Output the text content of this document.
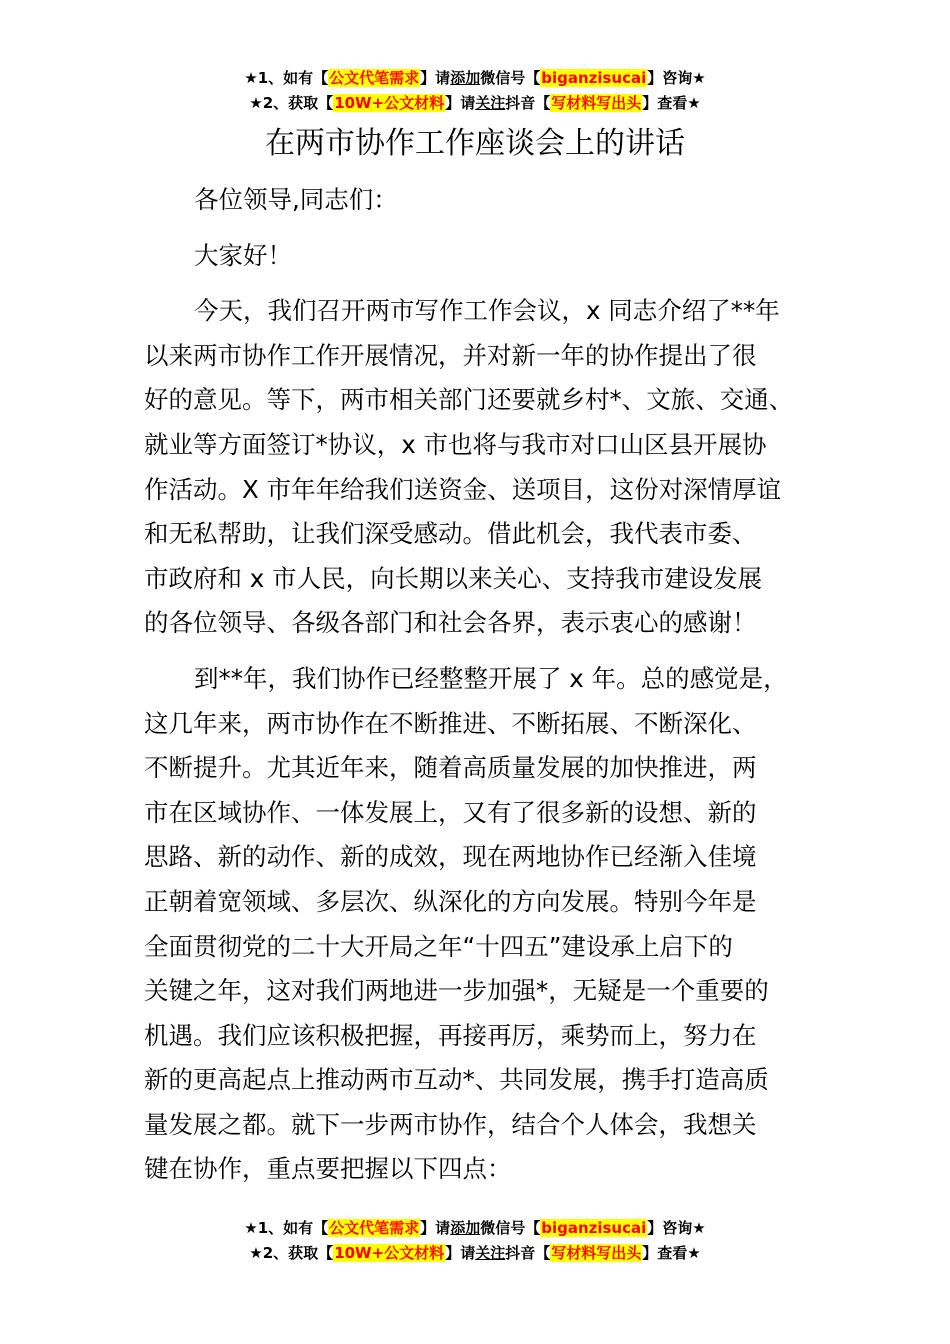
★1、如有【公文代笔需求】请添加微信号【biganzisucai】咨询★
★2、获取【10W+公文材料】请关注抖音【写材料写出头】查看★
在两市协作工作座谈会上的讲话

各位领导,同志们：

大家好！

今天，我们召开两市写作工作会议，x 同志介绍了**年
以来两市协作工作开展情况，并对新一年的协作提出了很
好的意见。等下，两市相关部门还要就乡村*、文旅、交通、
就业等方面签订*协议，x 市也将与我市对口山区县开展协
作活动。X 市年年给我们送资金、送项目，这份对深情厚谊
和无私帮助，让我们深受感动。借此机会，我代表市委、
市政府和 x 市人民，向长期以来关心、支持我市建设发展
的各位领导、各级各部门和社会各界，表示衷心的感谢！
到**年，我们协作已经整整开展了 x 年。总的感觉是，
这几年来，两市协作在不断推进、不断拓展、不断深化、
不断提升。尤其近年来，随着高质量发展的加快推进，两
市在区域协作、一体发展上，又有了很多新的设想、新的
思路、新的动作、新的成效，现在两地协作已经渐入佳境
正朝着宽领域、多层次、纵深化的方向发展。特别今年是
全面贯彻党的二十大开局之年“十四五”建设承上启下的
关键之年，这对我们两地进一步加强*，无疑是一个重要的
机遇。我们应该积极把握，再接再厉，乘势而上，努力在
新的更高起点上推动两市互动*、共同发展，携手打造高质
量发展之都。就下一步两市协作，结合个人体会，我想关
键在协作，重点要把握以下四点：
★1、如有【公文代笔需求】请添加微信号【biganzisucai】咨询★
★2、获取【10W+公文材料】请关注抖音【写材料写出头】查看★
